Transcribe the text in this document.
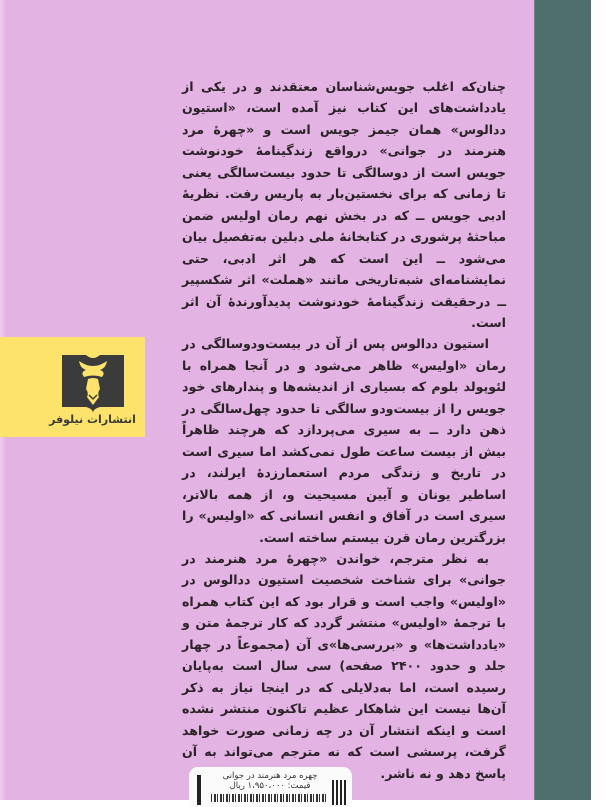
انتشارات نیلوفر

چنان‌که اغلب جویس‌شناسان معتقدند و در یکی از یادداشت‌های این کتاب نیز آمده است، «استیون ددالوس» همان جیمز جویس است و «چهرهٔ مرد هنرمند در جوانی» درواقع زندگینامهٔ خودنوشت جویس است از دوسالگی تا حدود بیست‌سالگی یعنی تا زمانی که برای نخستین‌بار به پاریس رفت. نظریهٔ ادبی جویس ــ که در بخش نهم رمان اولیس ضمن مباحثهٔ پرشوری در کتابخانهٔ ملی دبلین به‌تفصیل بیان می‌شود ــ این است که هر اثر ادبی، حتی نمایشنامه‌ای شبه‌تاریخی مانند «هملت» اثر شکسپیر ــ درحقیقت زندگینامهٔ خودنوشت پدیدآورندهٔ آن اثر است.

استیون ددالوس پس از آن در بیست‌ودوسالگی در رمان «اولیس» ظاهر می‌شود و در آنجا همراه با لئوپولد بلوم که بسیاری از اندیشه‌ها و پندارهای خود جویس را از بیست‌ودو سالگی تا حدود چهل‌سالگی در ذهن دارد ــ به سیری می‌پردازد که هرچند ظاهراً بیش از بیست ساعت طول نمی‌کشد اما سیری است در تاریخ و زندگی مردم استعمارزدهٔ ایرلند، در اساطیر یونان و آیین مسیحیت و، از همه بالاتر، سیری است در آفاق و انفس انسانی که «اولیس» را بزرگترین رمان قرن بیستم ساخته است.

به نظر مترجم، خواندن «چهرهٔ مرد هنرمند در جوانی» برای شناخت شخصیت استیون ددالوس در «اولیس» واجب است و قرار بود که این کتاب همراه با ترجمهٔ «اولیس» منتشر گردد که کار ترجمهٔ متن و «یادداشت‌ها» و «بررسی‌ها»ی آن (مجموعاً در چهار جلد و حدود ۲۴۰۰ صفحه) سی سال است به‌پایان رسیده است، اما به‌دلایلی که در اینجا نیاز به ذکر آن‌ها نیست این شاهکار عظیم تاکنون منتشر نشده است و اینکه انتشار آن در چه زمانی صورت خواهد گرفت، پرسشی است که نه مترجم می‌تواند به آن پاسخ دهد و نه ناشر.

چهره مرد هنرمند در جوانی
قیمت: ۱،۹۵۰،۰۰۰ ریال
